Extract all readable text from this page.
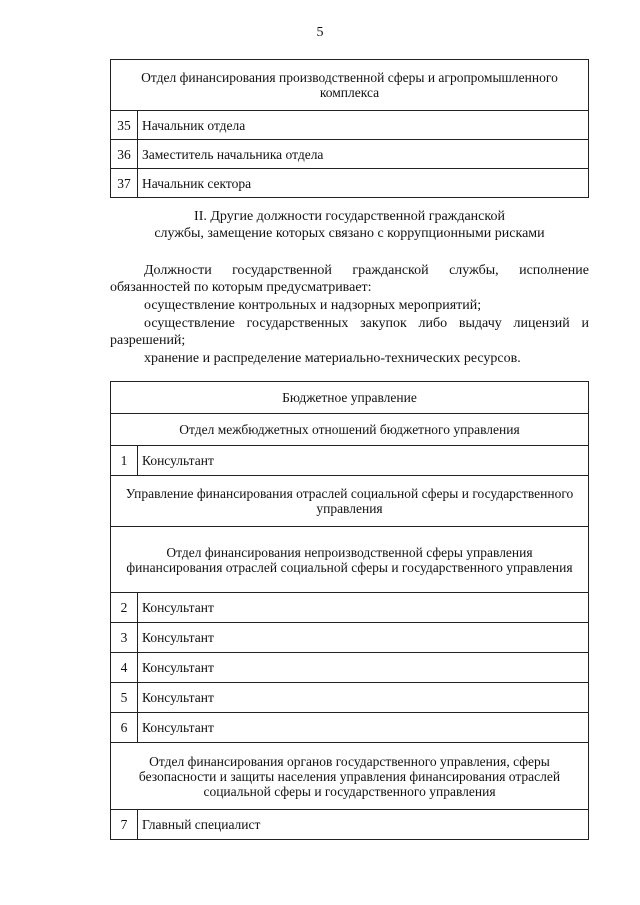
5
Отдел финансирования производственной сферы и агропромышленного комплекса	
35	Начальник отдела
36	Заместитель начальника отдела
37	Начальник сектора
II. Другие должности государственной гражданской
службы, замещение которых связано с коррупционными рисками
Должности государственной гражданской службы, исполнение
обязанностей по которым предусматривает:
осуществление контрольных и надзорных мероприятий;
осуществление государственных закупок либо выдачу лицензий и
разрешений;
хранение и распределение материально-технических ресурсов.
Бюджетное управление	
Отдел межбюджетных отношений бюджетного управления	
1	Консультант
Управление финансирования отраслей социальной сферы и государственного управления	
Отдел финансирования непроизводственной сферы управления финансирования отраслей социальной сферы и государственного управления	
2	Консультант
3	Консультант
4	Консультант
5	Консультант
6	Консультант
Отдел финансирования органов государственного управления, сферы безопасности и защиты населения управления финансирования отраслей социальной сферы и государственного управления	
7	Главный специалист
